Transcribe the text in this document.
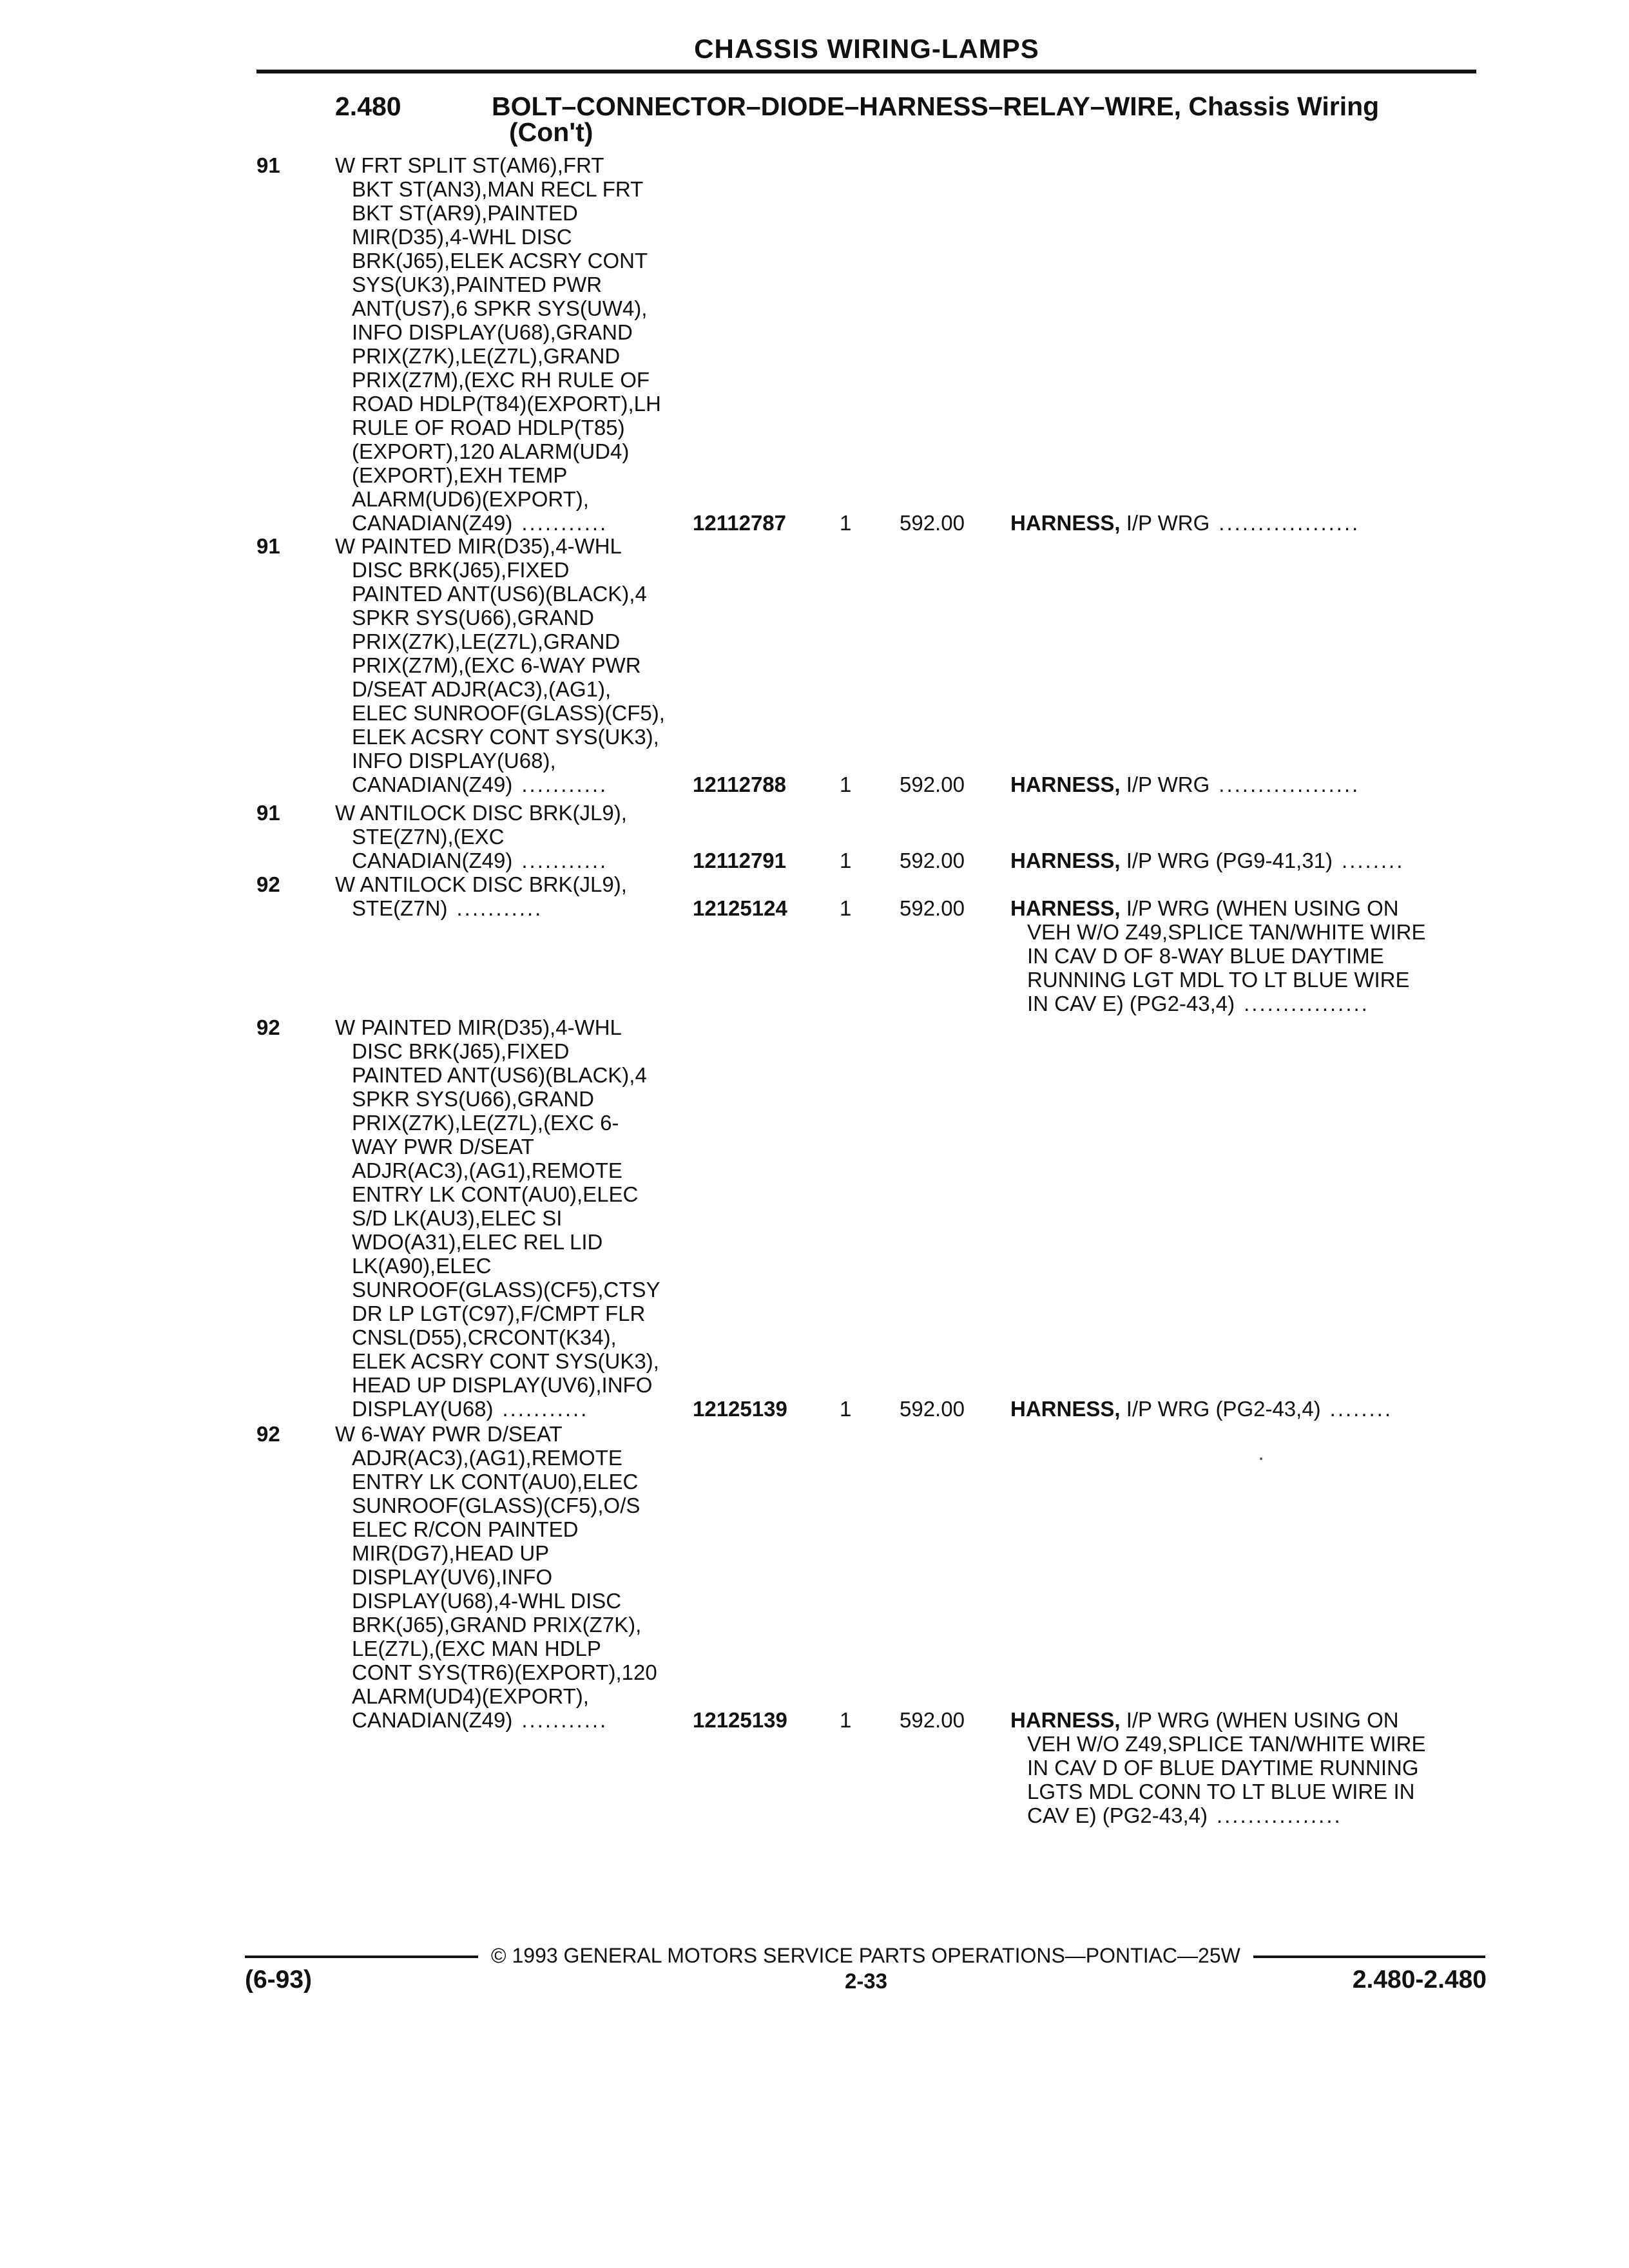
CHASSIS WIRING-LAMPS
2.480	BOLT–CONNECTOR–DIODE–HARNESS–RELAY–WIRE, Chassis Wiring
(Con't)
91	W FRT SPLIT ST(AM6),FRT
BKT ST(AN3),MAN RECL FRT
BKT ST(AR9),PAINTED
MIR(D35),4-WHL DISC
BRK(J65),ELEK ACSRY CONT
SYS(UK3),PAINTED PWR
ANT(US7),6 SPKR SYS(UW4),
INFO DISPLAY(U68),GRAND
PRIX(Z7K),LE(Z7L),GRAND
PRIX(Z7M),(EXC RH RULE OF
ROAD HDLP(T84)(EXPORT),LH
RULE OF ROAD HDLP(T85)
(EXPORT),120 ALARM(UD4)
(EXPORT),EXH TEMP
ALARM(UD6)(EXPORT),
CANADIAN(Z49) ...........	12112787	1 592.00 HARNESS, I/P WRG ..................
91	W PAINTED MIR(D35),4-WHL
DISC BRK(J65),FIXED
PAINTED ANT(US6)(BLACK),4
SPKR SYS(U66),GRAND
PRIX(Z7K),LE(Z7L),GRAND
PRIX(Z7M),(EXC 6-WAY PWR
D/SEAT ADJR(AC3),(AG1),
ELEC SUNROOF(GLASS)(CF5),
ELEK ACSRY CONT SYS(UK3),
INFO DISPLAY(U68),
CANADIAN(Z49) ...........	12112788	1 592.00 HARNESS, I/P WRG ..................
91	W ANTILOCK DISC BRK(JL9),
STE(Z7N),(EXC
CANADIAN(Z49) ...........	12112791	1 592.00 HARNESS, I/P WRG (PG9-41,31) ........
92	W ANTILOCK DISC BRK(JL9),
STE(Z7N) ...........	12125124 1 592.00 HARNESS, I/P WRG (WHEN USING ON
VEH W/O Z49,SPLICE TAN/WHITE WIRE
IN CAV D OF 8-WAY BLUE DAYTIME
RUNNING LGT MDL TO LT BLUE WIRE
IN CAV E) (PG2-43,4) ................
92	W PAINTED MIR(D35),4-WHL
DISC BRK(J65),FIXED
PAINTED ANT(US6)(BLACK),4
SPKR SYS(U66),GRAND
PRIX(Z7K),LE(Z7L),(EXC 6-
WAY PWR D/SEAT
ADJR(AC3),(AG1),REMOTE
ENTRY LK CONT(AU0),ELEC
S/D LK(AU3),ELEC SI
WDO(A31),ELEC REL LID
LK(A90),ELEC
SUNROOF(GLASS)(CF5),CTSY
DR LP LGT(C97),F/CMPT FLR
CNSL(D55),CRCONT(K34),
ELEK ACSRY CONT SYS(UK3),
HEAD UP DISPLAY(UV6),INFO
DISPLAY(U68) ...........	12125139 1 592.00 HARNESS, I/P WRG (PG2-43,4) ........
92	W 6-WAY PWR D/SEAT
ADJR(AC3),(AG1),REMOTE
ENTRY LK CONT(AU0),ELEC
SUNROOF(GLASS)(CF5),O/S
ELEC R/CON PAINTED
MIR(DG7),HEAD UP
DISPLAY(UV6),INFO
DISPLAY(U68),4-WHL DISC
BRK(J65),GRAND PRIX(Z7K),
LE(Z7L),(EXC MAN HDLP
CONT SYS(TR6)(EXPORT),120
ALARM(UD4)(EXPORT),
CANADIAN(Z49) ...........	12125139 1 592.00 HARNESS, I/P WRG (WHEN USING ON
VEH W/O Z49,SPLICE TAN/WHITE WIRE
IN CAV D OF BLUE DAYTIME RUNNING
LGTS MDL CONN TO LT BLUE WIRE IN
CAV E) (PG2-43,4) ................
© 1993 GENERAL MOTORS SERVICE PARTS OPERATIONS—PONTIAC—25W
(6-93)	2-33	2.480-2.480
